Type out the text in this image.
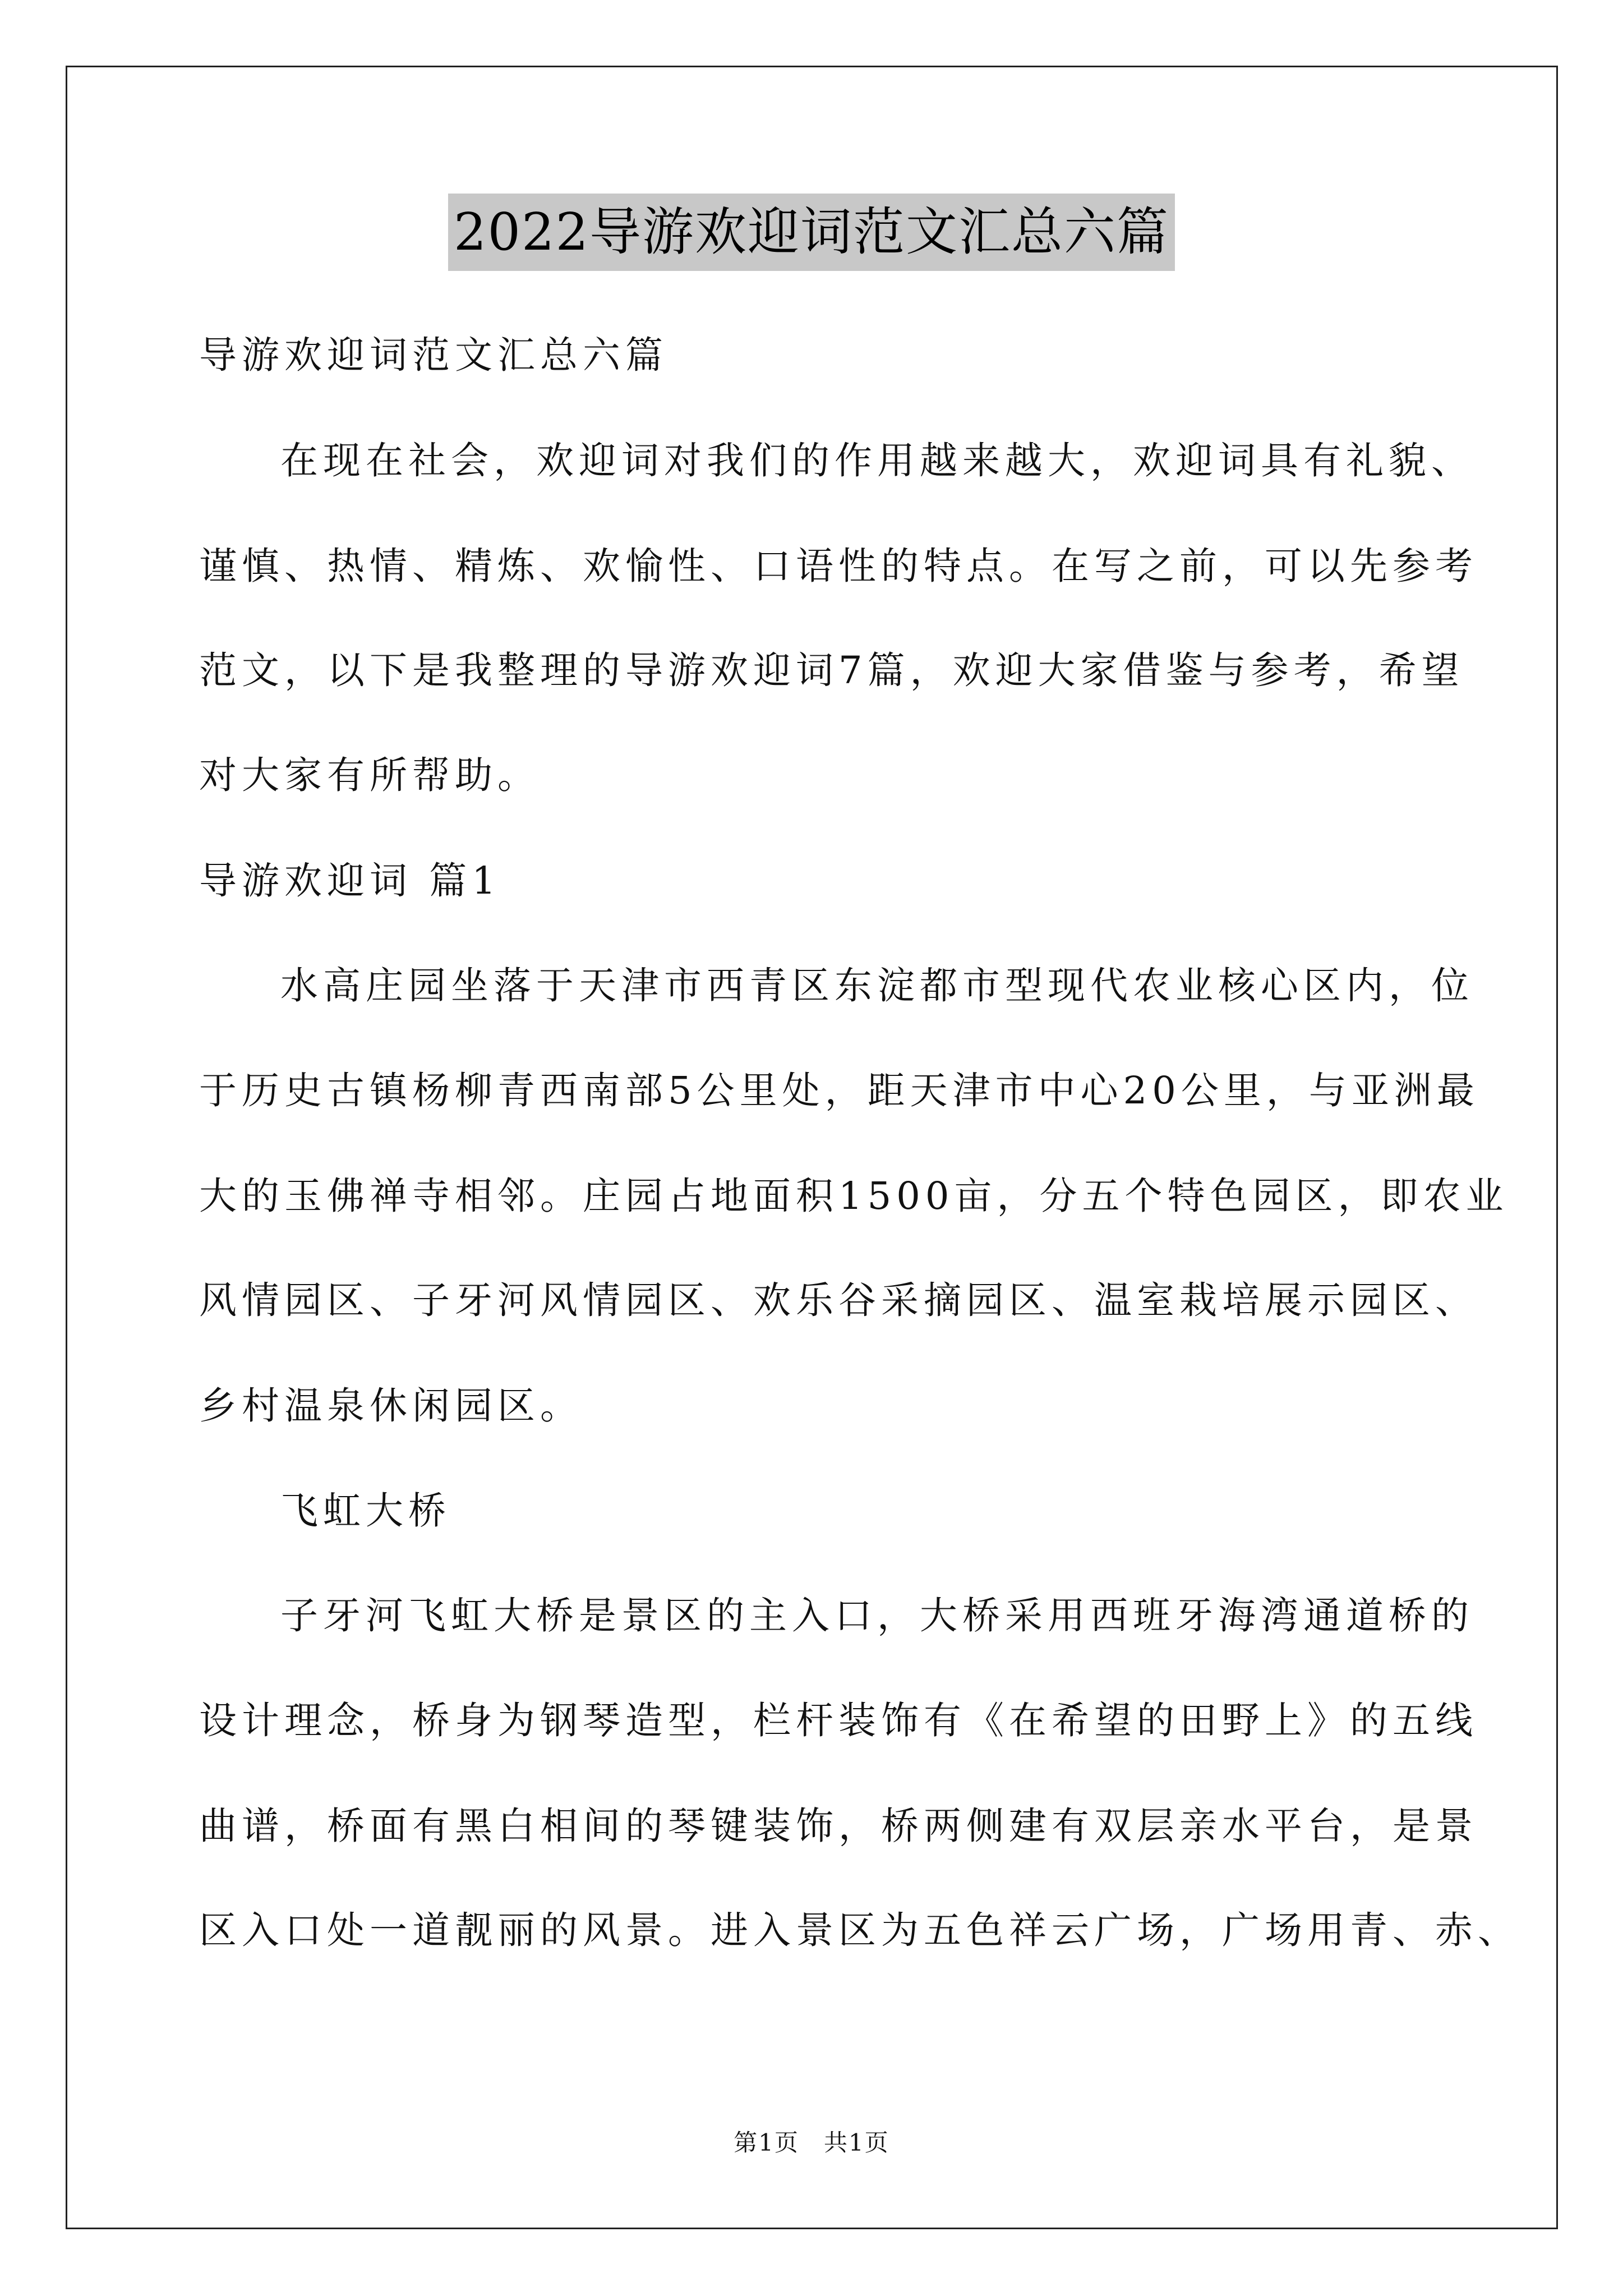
2022导游欢迎词范文汇总六篇
导游欢迎词范文汇总六篇
在现在社会，欢迎词对我们的作用越来越大，欢迎词具有礼貌、
谨慎、热情、精炼、欢愉性、口语性的特点。在写之前，可以先参考
范文，以下是我整理的导游欢迎词7篇，欢迎大家借鉴与参考，希望
对大家有所帮助。
导游欢迎词 篇1
水高庄园坐落于天津市西青区东淀都市型现代农业核心区内，位
于历史古镇杨柳青西南部5公里处，距天津市中心20公里，与亚洲最
大的玉佛禅寺相邻。庄园占地面积1500亩，分五个特色园区，即农业
风情园区、子牙河风情园区、欢乐谷采摘园区、温室栽培展示园区、
乡村温泉休闲园区。
飞虹大桥
子牙河飞虹大桥是景区的主入口，大桥采用西班牙海湾通道桥的
设计理念，桥身为钢琴造型，栏杆装饰有《在希望的田野上》的五线
曲谱，桥面有黑白相间的琴键装饰，桥两侧建有双层亲水平台，是景
区入口处一道靓丽的风景。进入景区为五色祥云广场，广场用青、赤、
第1页　共1页
